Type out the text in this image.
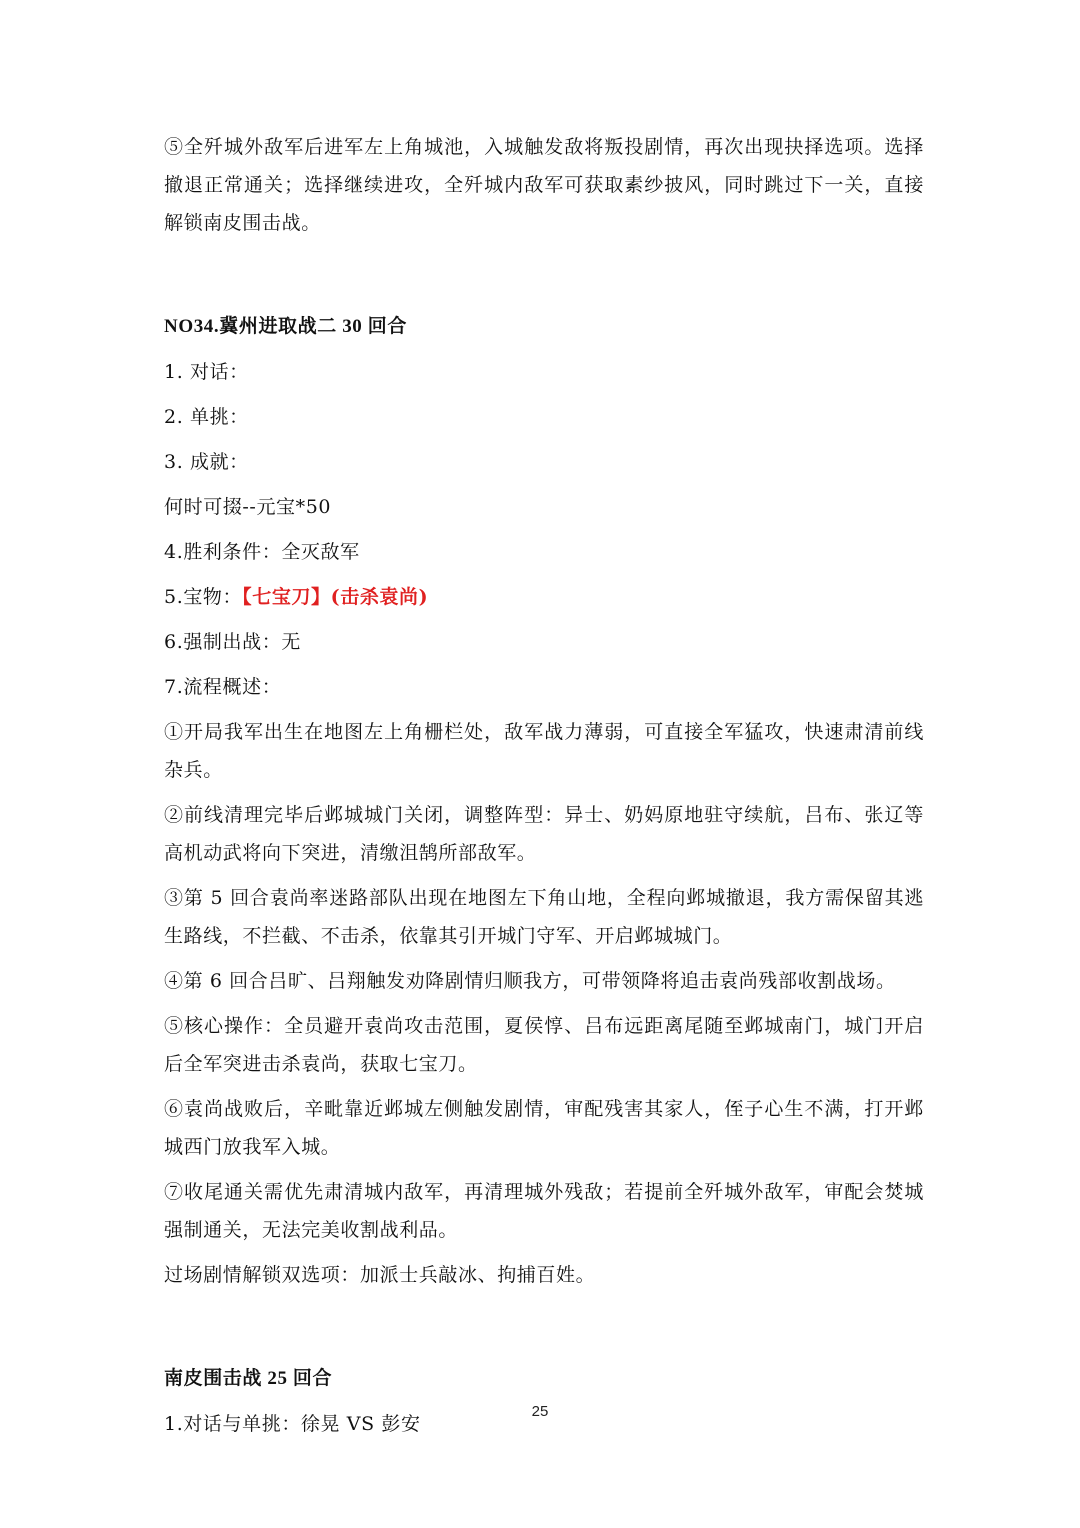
⑤全歼城外敌军后进军左上角城池，入城触发敌将叛投剧情，再次出现抉择选项。选择撤退正常通关；选择继续进攻，全歼城内敌军可获取素纱披风，同时跳过下一关，直接解锁南皮围击战。

NO34.冀州进取战二 30 回合

1. 对话：

2. 单挑：

3. 成就：

何时可掇--元宝*50

4.胜利条件：全灭敌军

5.宝物：【七宝刀】(击杀袁尚)

6.强制出战：无

7.流程概述：

①开局我军出生在地图左上角栅栏处，敌军战力薄弱，可直接全军猛攻，快速肃清前线杂兵。

②前线清理完毕后邺城城门关闭，调整阵型：异士、奶妈原地驻守续航，吕布、张辽等高机动武将向下突进，清缴沮鹄所部敌军。

③第 5 回合袁尚率迷路部队出现在地图左下角山地，全程向邺城撤退，我方需保留其逃生路线，不拦截、不击杀，依靠其引开城门守军、开启邺城城门。

④第 6 回合吕旷、吕翔触发劝降剧情归顺我方，可带领降将追击袁尚残部收割战场。

⑤核心操作：全员避开袁尚攻击范围，夏侯惇、吕布远距离尾随至邺城南门，城门开启后全军突进击杀袁尚，获取七宝刀。

⑥袁尚战败后，辛毗靠近邺城左侧触发剧情，审配残害其家人，侄子心生不满，打开邺城西门放我军入城。

⑦收尾通关需优先肃清城内敌军，再清理城外残敌；若提前全歼城外敌军，审配会焚城强制通关，无法完美收割战利品。

过场剧情解锁双选项：加派士兵敲冰、拘捕百姓。

南皮围击战 25 回合

1.对话与单挑：徐晃 VS 彭安

25
